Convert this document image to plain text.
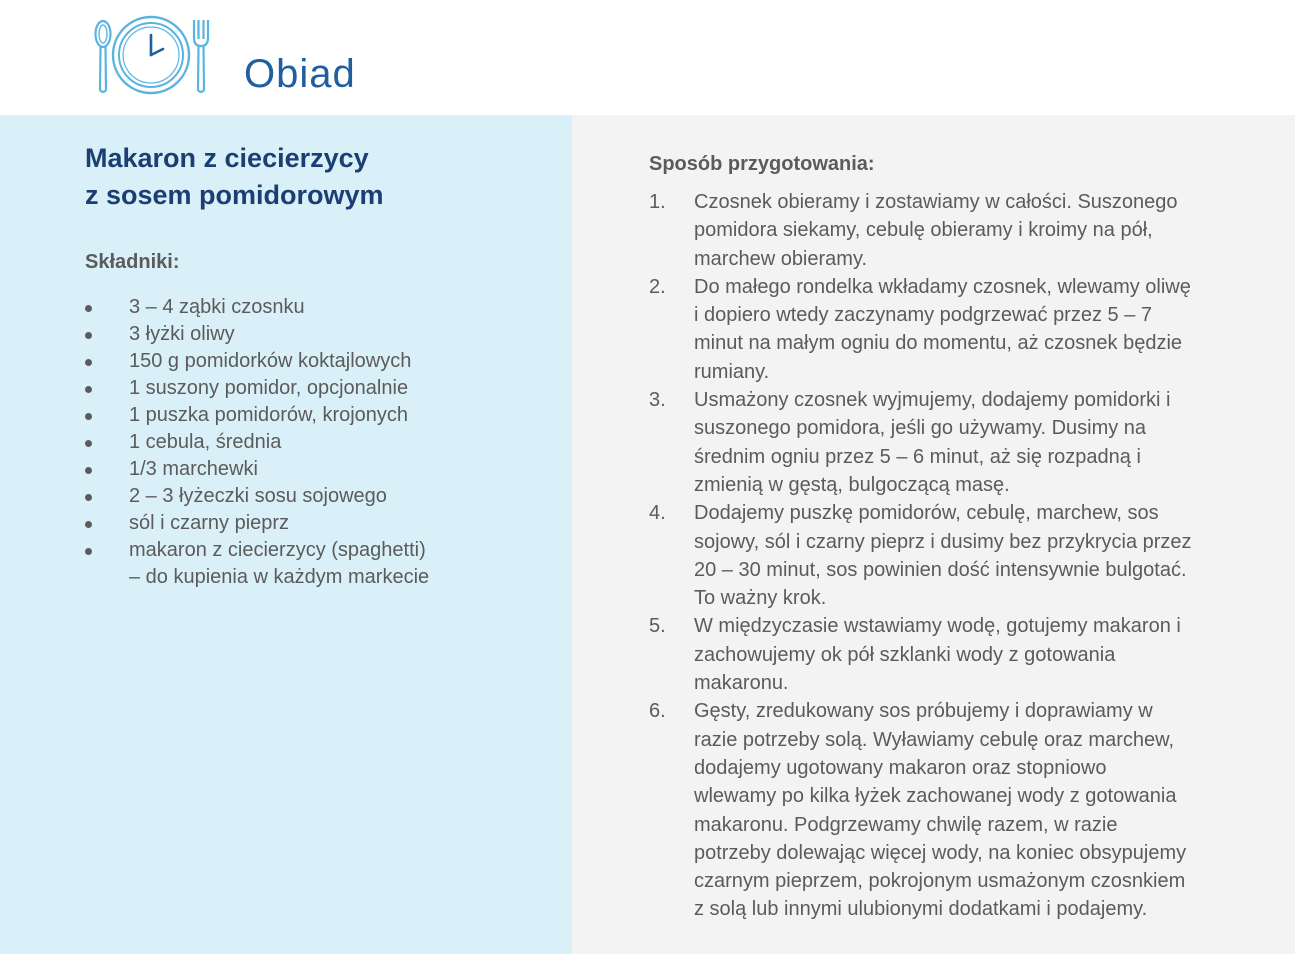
Obiad
Makaron z ciecierzycy
z sosem pomidorowym
Składniki:
3 – 4 ząbki czosnku
3 łyżki oliwy
150 g pomidorków koktajlowych
1 suszony pomidor, opcjonalnie
1 puszka pomidorów, krojonych
1 cebula, średnia
1/3 marchewki
2 – 3 łyżeczki sosu sojowego
sól i czarny pieprz
makaron z ciecierzycy (spaghetti)
– do kupienia w każdym markecie
Sposób przygotowania:
1. Czosnek obieramy i zostawiamy w całości. Suszonego
pomidora siekamy, cebulę obieramy i kroimy na pół,
marchew obieramy.
2. Do małego rondelka wkładamy czosnek, wlewamy oliwę
i dopiero wtedy zaczynamy podgrzewać przez 5 – 7
minut na małym ogniu do momentu, aż czosnek będzie
rumiany.
3. Usmażony czosnek wyjmujemy, dodajemy pomidorki i
suszonego pomidora, jeśli go używamy. Dusimy na
średnim ogniu przez 5 – 6 minut, aż się rozpadną i
zmienią w gęstą, bulgoczącą masę.
4. Dodajemy puszkę pomidorów, cebulę, marchew, sos
sojowy, sól i czarny pieprz i dusimy bez przykrycia przez
20 – 30 minut, sos powinien dość intensywnie bulgotać.
To ważny krok.
5. W międzyczasie wstawiamy wodę, gotujemy makaron i
zachowujemy ok pół szklanki wody z gotowania
makaronu.
6. Gęsty, zredukowany sos próbujemy i doprawiamy w
razie potrzeby solą. Wyławiamy cebulę oraz marchew,
dodajemy ugotowany makaron oraz stopniowo
wlewamy po kilka łyżek zachowanej wody z gotowania
makaronu. Podgrzewamy chwilę razem, w razie
potrzeby dolewając więcej wody, na koniec obsypujemy
czarnym pieprzem, pokrojonym usmażonym czosnkiem
z solą lub innymi ulubionymi dodatkami i podajemy.
